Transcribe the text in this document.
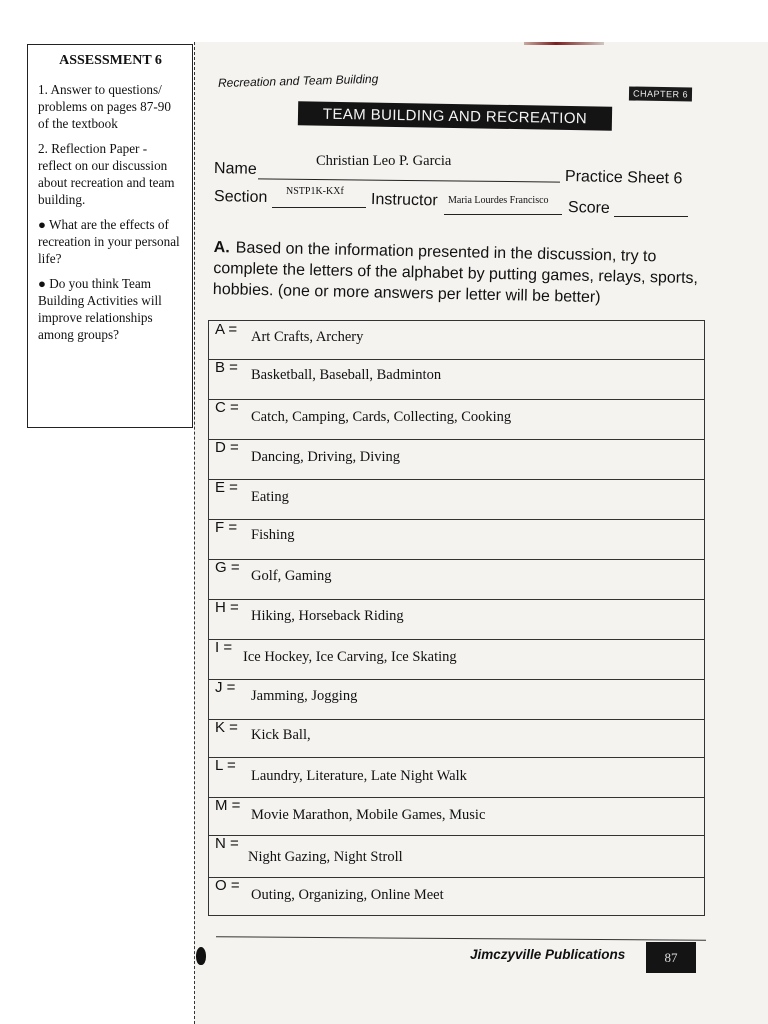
ASSESSMENT 6

1. Answer to questions/ problems on pages 87-90 of the textbook

2. Reflection Paper - reflect on our discussion about recreation and team building.

● What are the effects of recreation in your personal life?

● Do you think Team Building Activities will improve relationships among groups?

Recreation and Team Building
CHAPTER 6
TEAM BUILDING AND RECREATION
Name	Christian Leo P. Garcia
Practice Sheet 6
Section NSTP1K-KXf Instructor Maria Lourdes Francisco Score
A. Based on the information presented in the discussion, try to complete the letters of the alphabet by putting games, relays, sports, hobbies. (one or more answers per letter will be better)
A = Art Crafts, Archery
B = Basketball, Baseball, Badminton
C =
Catch, Camping, Cards, Collecting, Cooking
D =
Dancing, Driving, Diving
E =
Eating
F = Fishing
G = Golf, Gaming
H = Hiking, Horseback Riding
I =
Ice Hockey, Ice Carving, Ice Skating
J = Jamming, Jogging
K = Kick Ball,
L =
Laundry, Literature, Late Night Walk
M =
Movie Marathon, Mobile Games, Music
N =
Night Gazing, Night Stroll
O =
Outing, Organizing, Online Meet
Jimczyville Publications	87
